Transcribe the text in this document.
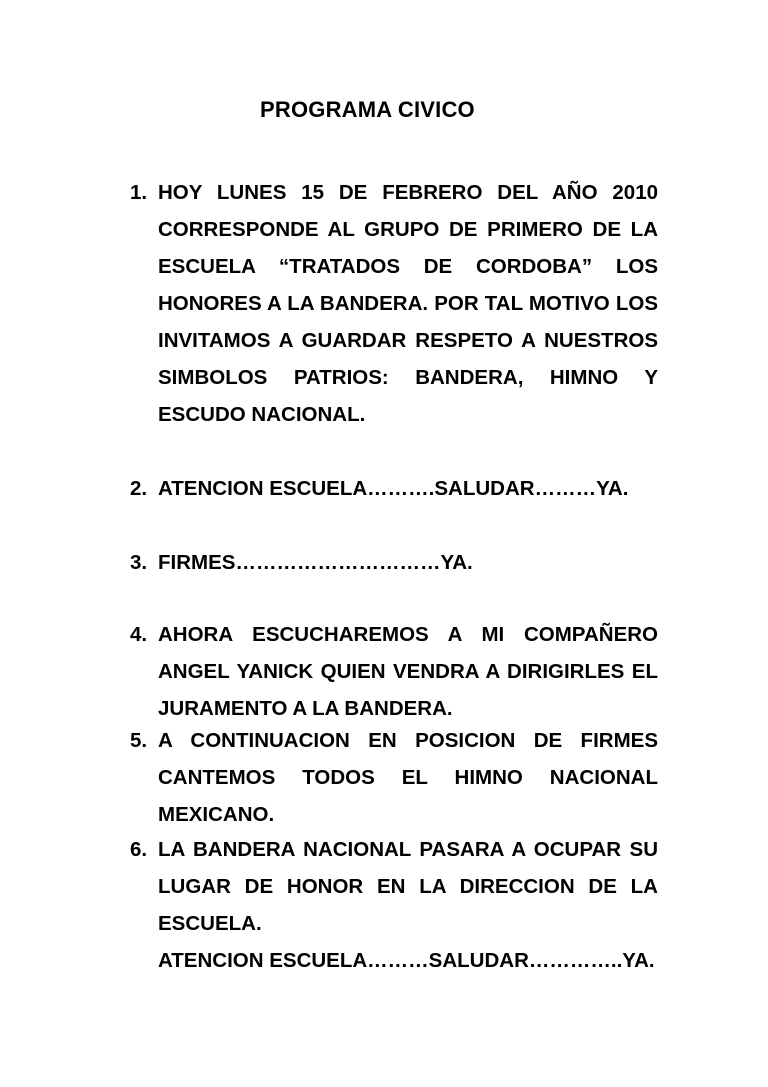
PROGRAMA CIVICO
1. HOY LUNES 15 DE FEBRERO DEL AÑO 2010 CORRESPONDE AL GRUPO DE PRIMERO DE LA ESCUELA “TRATADOS DE CORDOBA” LOS HONORES A LA BANDERA. POR TAL MOTIVO LOS INVITAMOS A GUARDAR RESPETO A NUESTROS SIMBOLOS PATRIOS: BANDERA, HIMNO Y ESCUDO NACIONAL.
2. ATENCION ESCUELA……….SALUDAR………YA.
3. FIRMES…………………………YA.
4. AHORA ESCUCHAREMOS A MI COMPAÑERO ANGEL YANICK QUIEN VENDRA A DIRIGIRLES EL JURAMENTO A LA BANDERA.
5. A CONTINUACION EN POSICION DE FIRMES CANTEMOS TODOS EL HIMNO NACIONAL MEXICANO.
6. LA BANDERA NACIONAL PASARA A OCUPAR SU LUGAR DE HONOR EN LA DIRECCION DE LA ESCUELA.
ATENCION ESCUELA………SALUDAR…………..YA.
